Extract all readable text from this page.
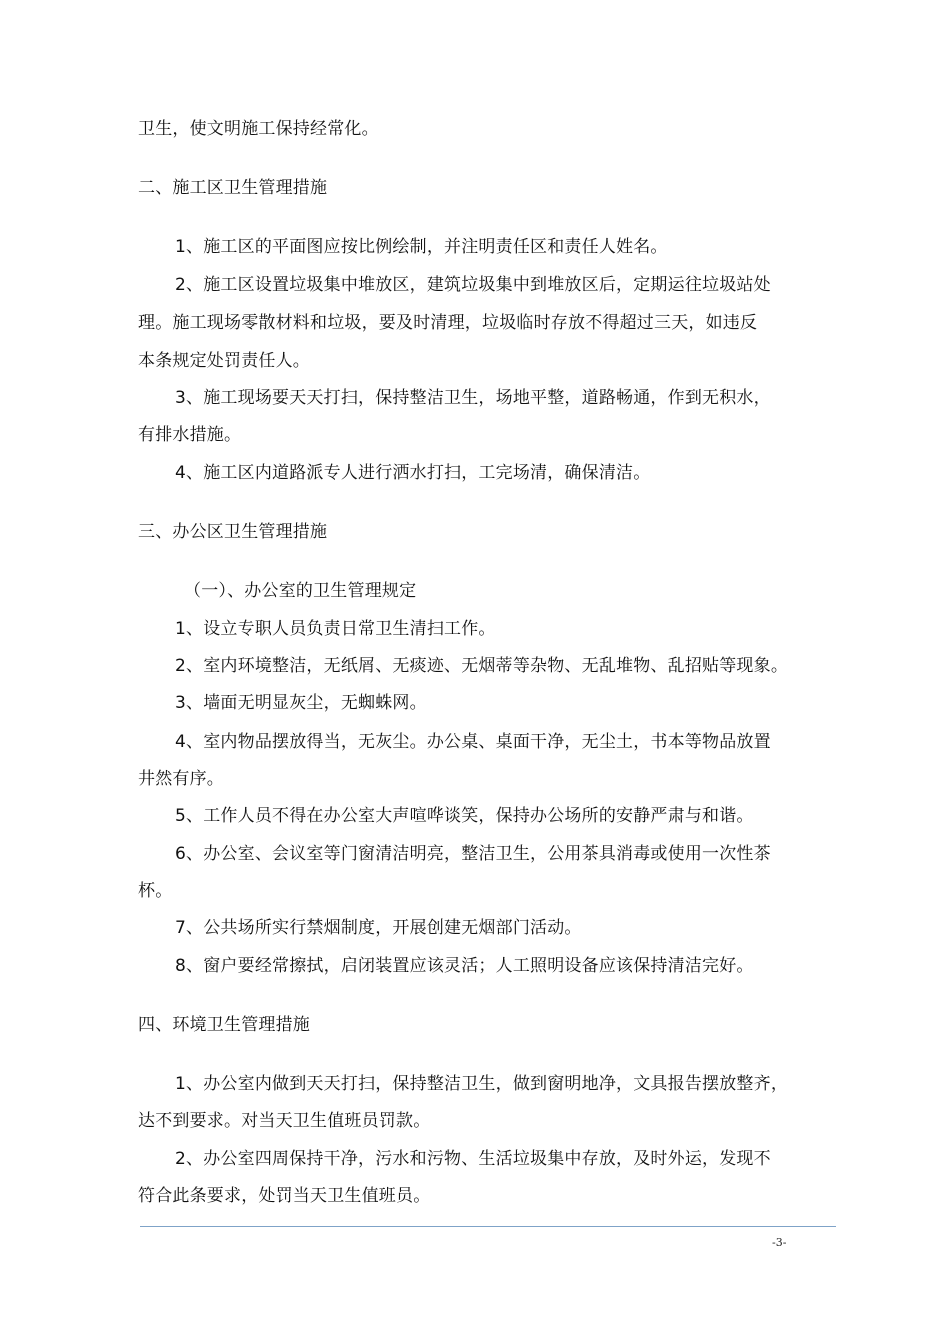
卫生，使文明施工保持经常化。
二、施工区卫生管理措施
1、施工区的平面图应按比例绘制，并注明责任区和责任人姓名。
2、施工区设置垃圾集中堆放区，建筑垃圾集中到堆放区后，定期运往垃圾站处
理。施工现场零散材料和垃圾，要及时清理，垃圾临时存放不得超过三天，如违反
本条规定处罚责任人。
3、施工现场要天天打扫，保持整洁卫生，场地平整，道路畅通，作到无积水，
有排水措施。
4、施工区内道路派专人进行洒水打扫，工完场清，确保清洁。
三、办公区卫生管理措施
（一）、办公室的卫生管理规定
1、设立专职人员负责日常卫生清扫工作。
2、室内环境整洁，无纸屑、无痰迹、无烟蒂等杂物、无乱堆物、乱招贴等现象。
3、墙面无明显灰尘，无蜘蛛网。
4、室内物品摆放得当，无灰尘。办公桌、桌面干净，无尘土，书本等物品放置
井然有序。
5、工作人员不得在办公室大声喧哗谈笑，保持办公场所的安静严肃与和谐。
6、办公室、会议室等门窗清洁明亮，整洁卫生，公用茶具消毒或使用一次性茶
杯。
7、公共场所实行禁烟制度，开展创建无烟部门活动。
8、窗户要经常擦拭，启闭装置应该灵活；人工照明设备应该保持清洁完好。
四、环境卫生管理措施
1、办公室内做到天天打扫，保持整洁卫生，做到窗明地净，文具报告摆放整齐，
达不到要求。对当天卫生值班员罚款。
2、办公室四周保持干净，污水和污物、生活垃圾集中存放，及时外运，发现不
符合此条要求，处罚当天卫生值班员。
-3-
